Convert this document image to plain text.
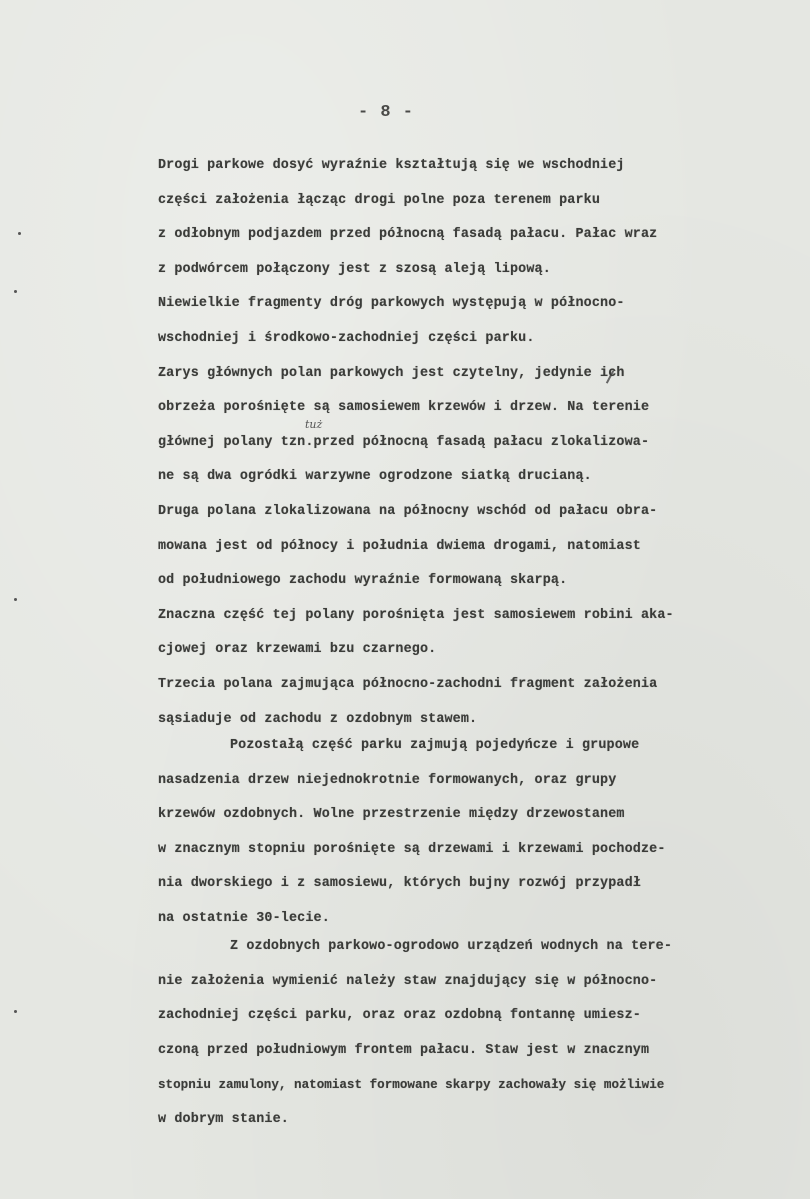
- 8 -
tuż
Drogi parkowe dosyć wyraźnie kształtują się we wschodniej
części założenia łącząc drogi polne poza terenem parku
z odłobnym podjazdem przed północną fasadą pałacu. Pałac wraz
z podwórcem połączony jest z szosą aleją lipową.
Niewielkie fragmenty dróg parkowych występują w północno-
wschodniej i środkowo-zachodniej części parku.
Zarys głównych polan parkowych jest czytelny, jedynie ich
obrzeża porośnięte są samosiewem krzewów i drzew. Na terenie
głównej polany tzn.przed północną fasadą pałacu zlokalizowa-
ne są dwa ogródki warzywne ogrodzone siatką drucianą.
Druga polana zlokalizowana na północny wschód od pałacu obra-
mowana jest od północy i południa dwiema drogami, natomiast
od południowego zachodu wyraźnie formowaną skarpą.
Znaczna część tej polany porośnięta jest samosiewem robini aka-
cjowej oraz krzewami bzu czarnego.
Trzecia polana zajmująca północno-zachodni fragment założenia
sąsiaduje od zachodu z ozdobnym stawem.
Pozostałą część parku zajmują pojedyńcze i grupowe
nasadzenia drzew niejednokrotnie formowanych, oraz grupy
krzewów ozdobnych. Wolne przestrzenie między drzewostanem
w znacznym stopniu porośnięte są drzewami i krzewami pochodze-
nia dworskiego i z samosiewu, których bujny rozwój przypadł
na ostatnie 30-lecie.
Z ozdobnych parkowo-ogrodowo urządzeń wodnych na tere-
nie założenia wymienić należy staw znajdujący się w północno-
zachodniej części parku, oraz oraz ozdobną fontannę umiesz-
czoną przed południowym frontem pałacu. Staw jest w znacznym
stopniu zamulony, natomiast formowane skarpy zachowały się możliwie
w dobrym stanie.
